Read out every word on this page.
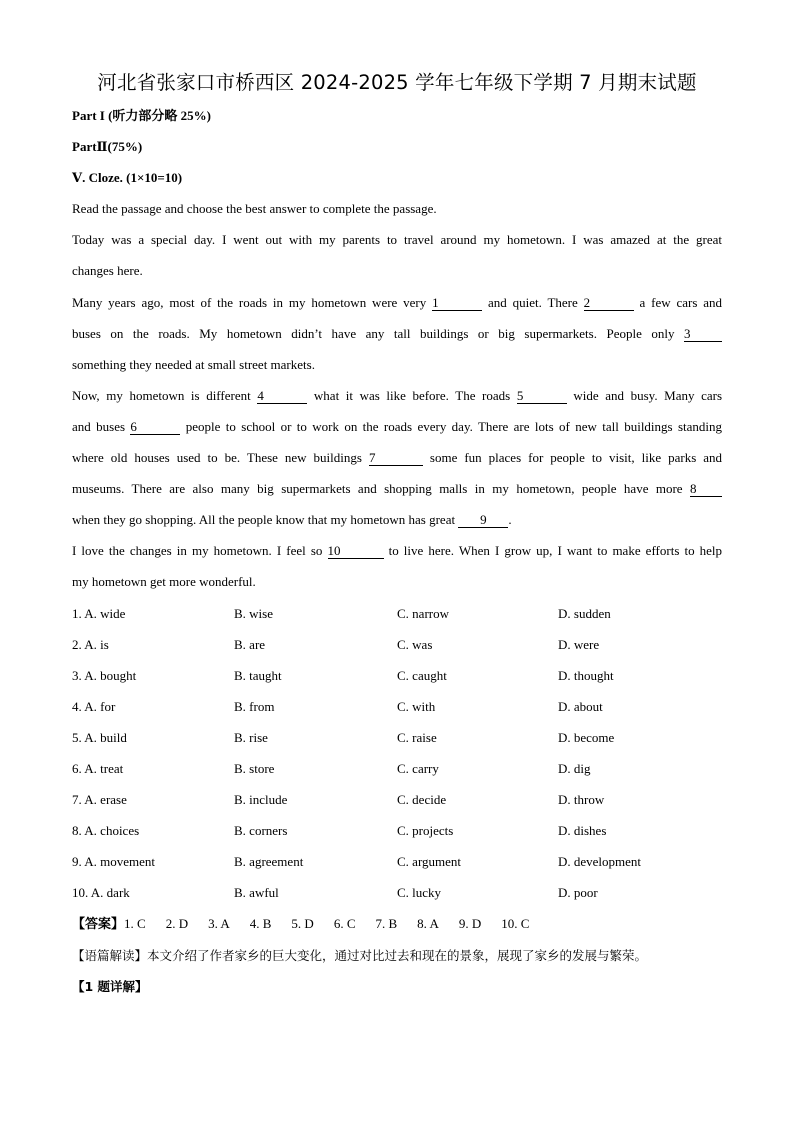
河北省张家口市桥西区 2024-2025 学年七年级下学期 7 月期末试题
Part I (听力部分略 25%)
PartⅡ(75%)
Ⅴ. Cloze. (1×10=10)
Read the passage and choose the best answer to complete the passage.
Today was a special day. I went out with my parents to travel around my hometown. I was amazed at the great
changes here.
Many years ago, most of the roads in my hometown were very 1	and quiet. There 2	a few cars and
buses on the roads. My hometown didn’t have any tall buildings or big supermarkets. People only 3
something they needed at small street markets.
Now, my hometown is different 4	what it was like before. The roads 5	wide and busy. Many cars
and buses 6	people to school or to work on the roads every day. There are lots of new tall buildings standing
where old houses used to be. These new buildings 7	some fun places for people to visit, like parks and
museums. There are also many big supermarkets and shopping malls in my hometown, people have more 8
when they go shopping. All the people know that my hometown has great 9 .
I love the changes in my hometown. I feel so 10	to live here. When I grow up, I want to make efforts to help
my hometown get more wonderful.
1. A. wide	B. wise	C. narrow	D. sudden
2. A. is	B. are	C. was	D. were
3. A. bought	B. taught	C. caught	D. thought
4. A. for	B. from	C. with	D. about
5. A. build	B. rise	C. raise	D. become
6. A. treat	B. store	C. carry	D. dig
7. A. erase	B. include	C. decide	D. throw
8. A. choices	B. corners	C. projects	D. dishes
9. A. movement	B. agreement	C. argument	D. development
10. A. dark	B. awful	C. lucky	D. poor
【答案】1. C 2. D 3. A 4. B 5. D 6. C 7. B 8. A 9. D 10. C
【语篇解读】本文介绍了作者家乡的巨大变化，通过对比过去和现在的景象，展现了家乡的发展与繁荣。
【1 题详解】
